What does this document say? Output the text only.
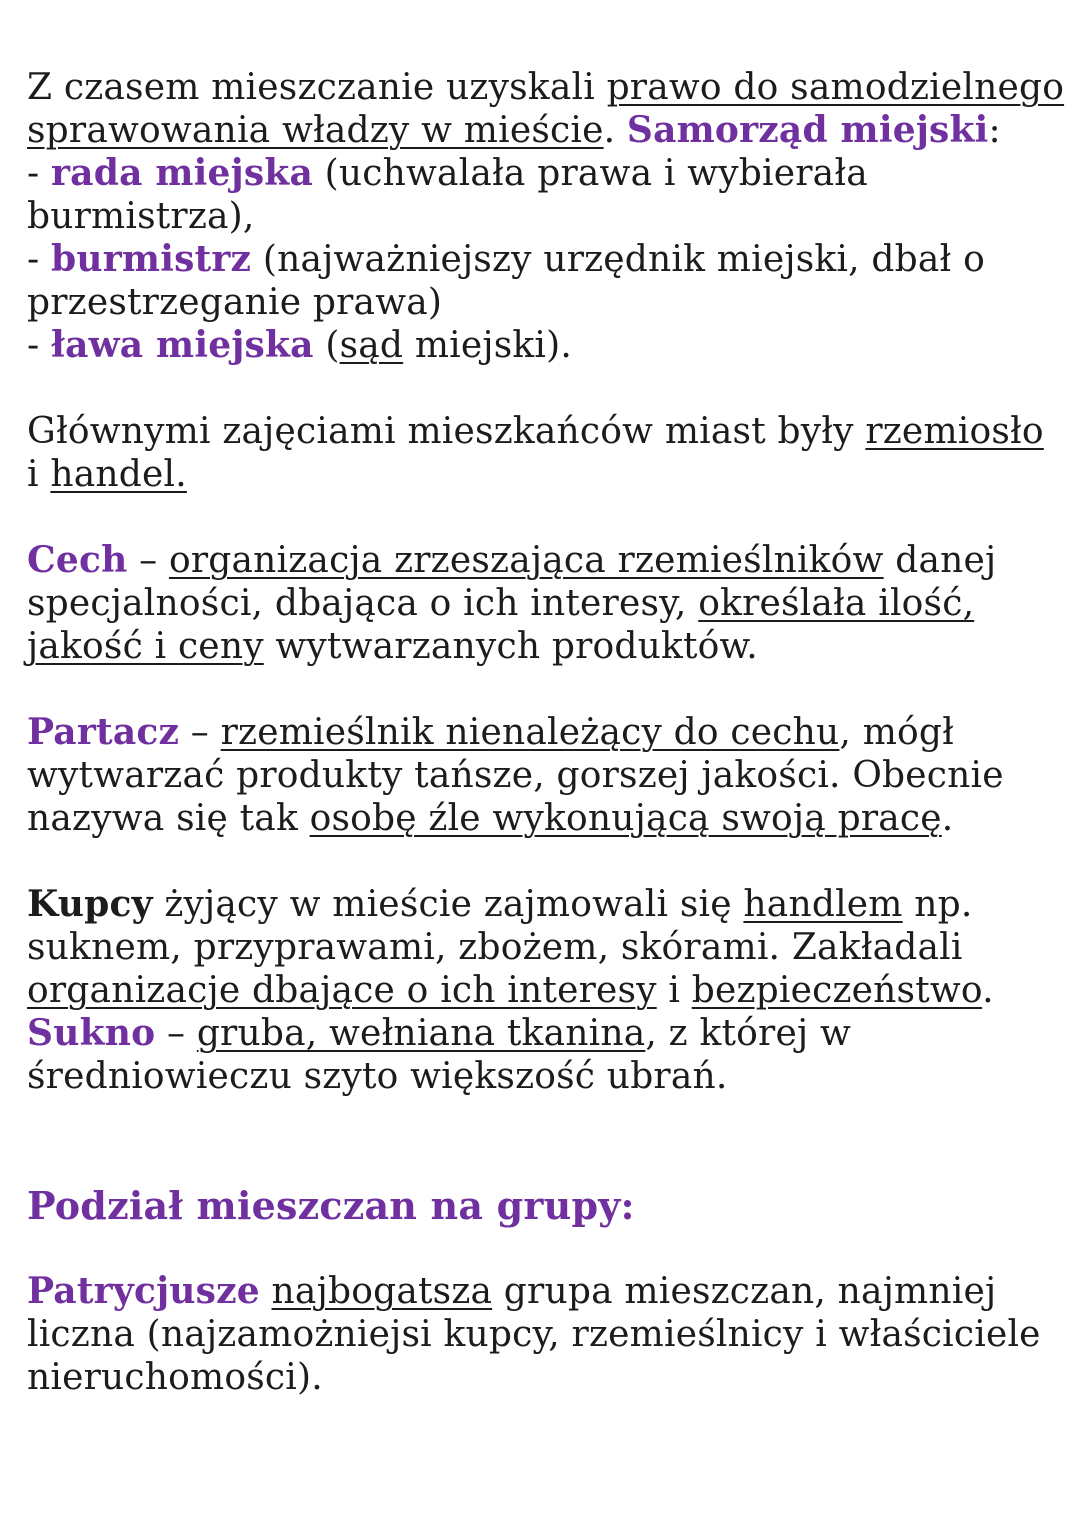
Z czasem mieszczanie uzyskali prawo do samodzielnego sprawowania władzy w mieście. Samorząd miejski:

- rada miejska (uchwalała prawa i wybierała burmistrza),

- burmistrz (najważniejszy urzędnik miejski, dbał o przestrzeganie prawa)

- ława miejska (sąd miejski).

Głównymi zajęciami mieszkańców miast były rzemiosło i handel.

Cech – organizacja zrzeszająca rzemieślników danej specjalności, dbająca o ich interesy, określała ilość, jakość i ceny wytwarzanych produktów.

Partacz – rzemieślnik nienależący do cechu, mógł wytwarzać produkty tańsze, gorszej jakości. Obecnie nazywa się tak osobę źle wykonującą swoją pracę.

Kupcy żyjący w mieście zajmowali się handlem np. suknem, przyprawami, zbożem, skórami. Zakładali organizacje dbające o ich interesy i bezpieczeństwo.

Sukno – gruba, wełniana tkanina, z której w średniowieczu szyto większość ubrań.

Podział mieszczan na grupy:

Patrycjusze najbogatsza grupa mieszczan, najmniej liczna (najzamożniejsi kupcy, rzemieślnicy i właściciele nieruchomości).
